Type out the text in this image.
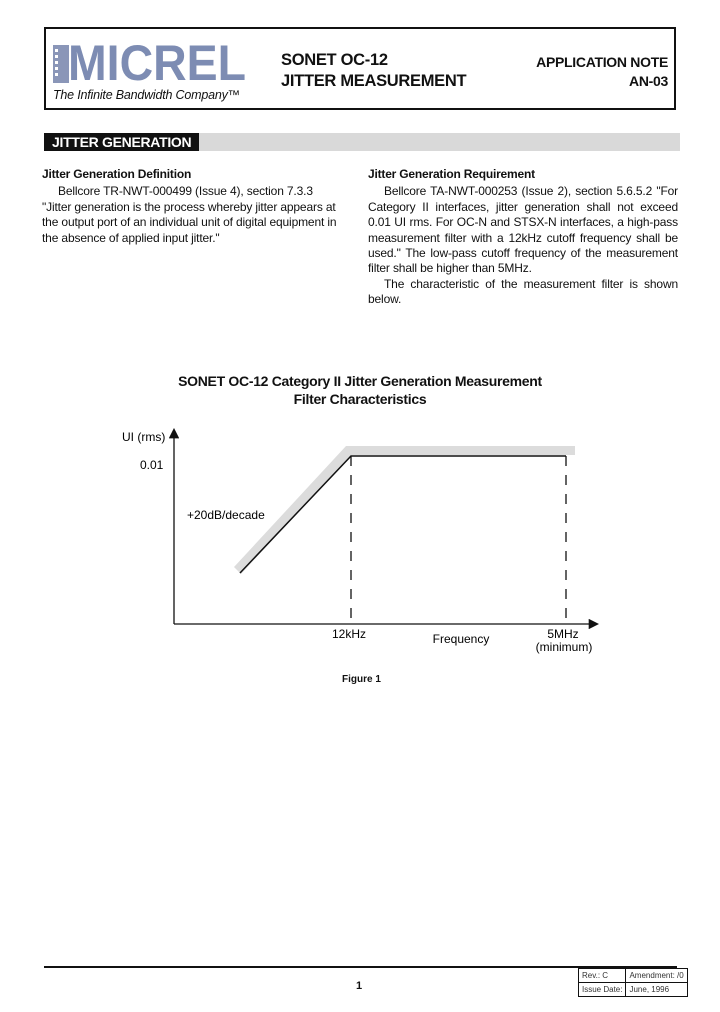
MICREL
The Infinite Bandwidth Company™
SONET OC-12
JITTER MEASUREMENT
APPLICATION NOTE
AN-03
JITTER GENERATION
Jitter Generation Definition

Bellcore TR-NWT-000499 (Issue 4), section 7.3.3 "Jitter generation is the process whereby jitter appears at the output port of an individual unit of digital equipment in the absence of applied input jitter."

Jitter Generation Requirement

Bellcore TA-NWT-000253 (Issue 2), section 5.6.5.2 "For Category II interfaces, jitter generation shall not exceed 0.01 UI rms. For OC-N and STSX-N interfaces, a high-pass measurement filter with a 12kHz cutoff frequency shall be used." The low-pass cutoff frequency of the measurement filter shall be higher than 5MHz.

The characteristic of the measurement filter is shown below.

SONET OC-12 Category II Jitter Generation Measurement
Filter Characteristics
UI (rms)
0.01
+20dB/decade
12kHz	Frequency	5MHz
(minimum)
Figure 1
1
Rev.: C	Amendment: /0
Issue Date:	June, 1996
